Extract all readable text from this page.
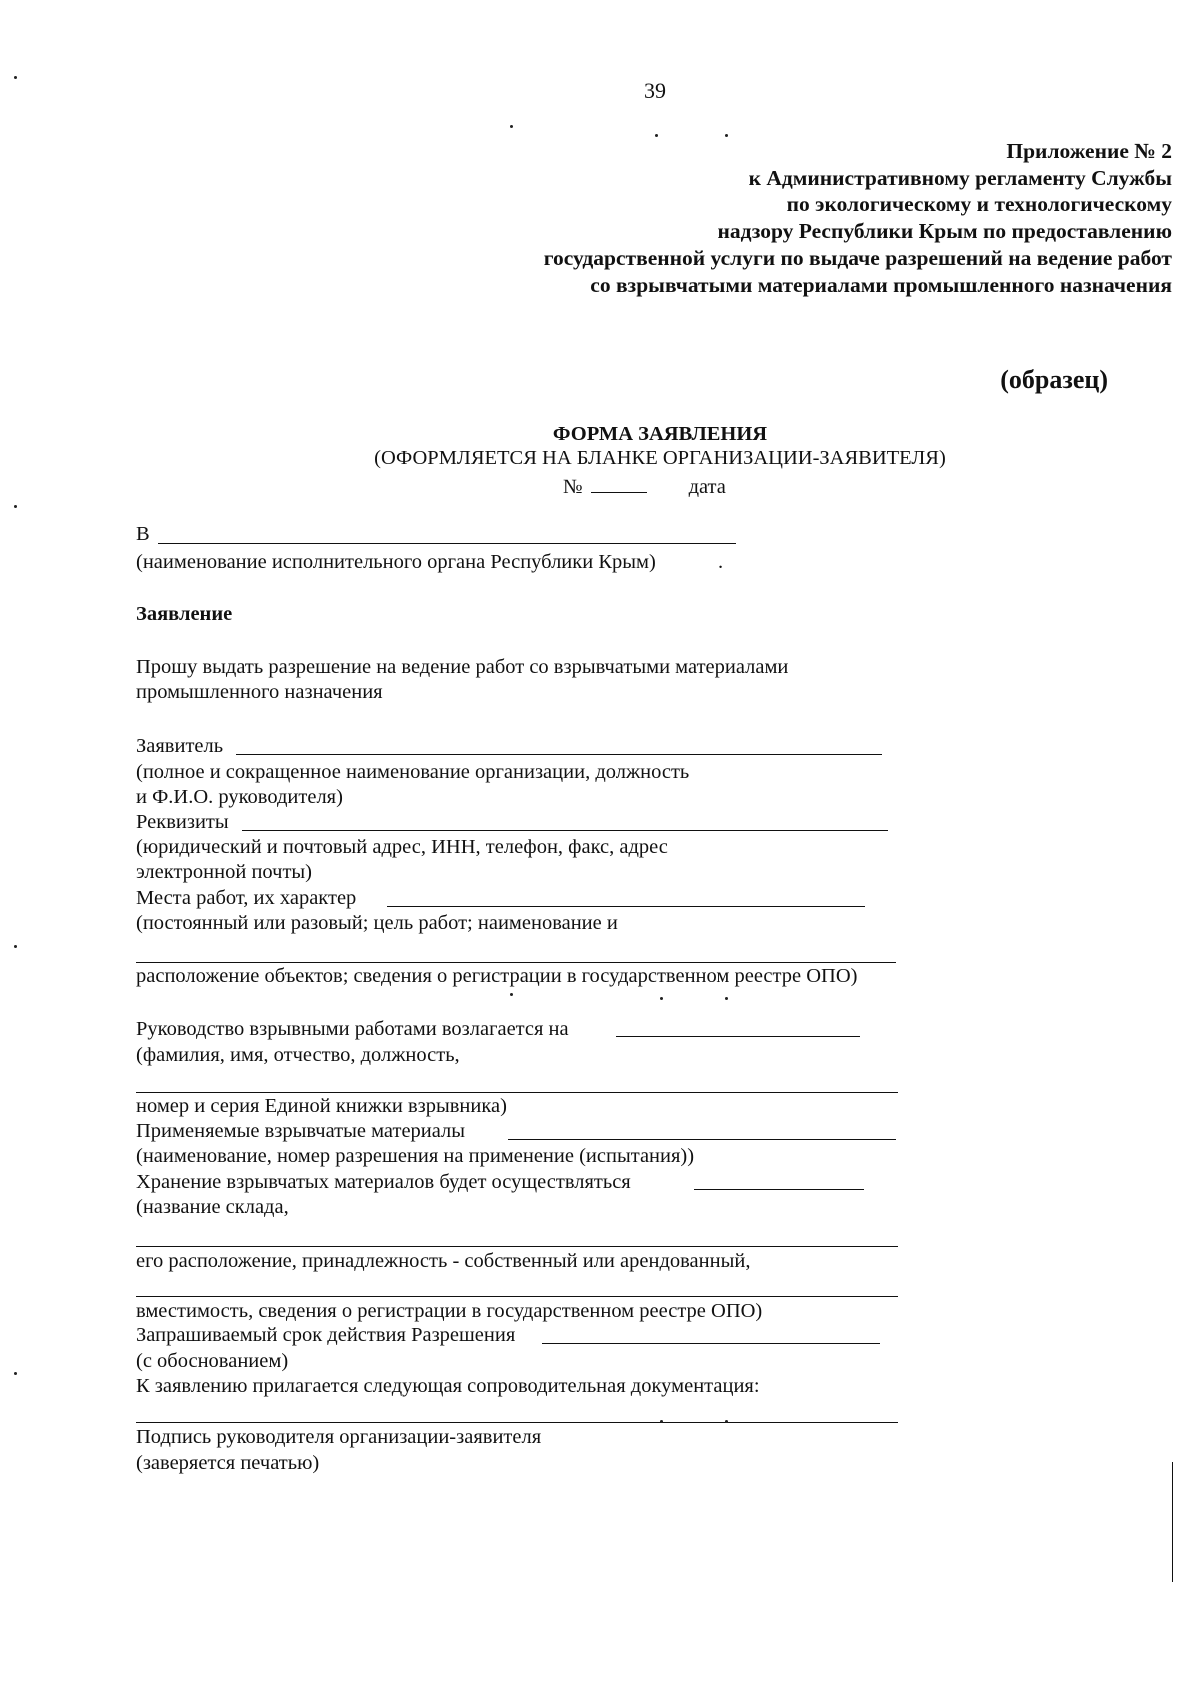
39
Приложение № 2
к Административному регламенту Службы
по экологическому и технологическому
надзору Республики Крым по предоставлению
государственной услуги по выдаче разрешений на ведение работ
со взрывчатыми материалами промышленного назначения
(образец)
ФОРМА ЗАЯВЛЕНИЯ
(ОФОРМЛЯЕТСЯ НА БЛАНКЕ ОРГАНИЗАЦИИ-ЗАЯВИТЕЛЯ)
№	дата
В
(наименование исполнительного органа Республики Крым)	.
Заявление
Прошу выдать разрешение на ведение работ со взрывчатыми материалами
промышленного назначения
Заявитель
(полное и сокращенное наименование организации, должность
и Ф.И.О. руководителя)
Реквизиты
(юридический и почтовый адрес, ИНН, телефон, факс, адрес
электронной почты)
Места работ, их характер
(постоянный или разовый; цель работ; наименование и
расположение объектов; сведения о регистрации в государственном реестре ОПО)
Руководство взрывными работами возлагается на
(фамилия, имя, отчество, должность,
номер и серия Единой книжки взрывника)
Применяемые взрывчатые материалы
(наименование, номер разрешения на применение (испытания))
Хранение взрывчатых материалов будет осуществляться
(название склада,
его расположение, принадлежность - собственный или арендованный,
вместимость, сведения о регистрации в государственном реестре ОПО)
Запрашиваемый срок действия Разрешения
(с обоснованием)
К заявлению прилагается следующая сопроводительная документация:
Подпись руководителя организации-заявителя
(заверяется печатью)
